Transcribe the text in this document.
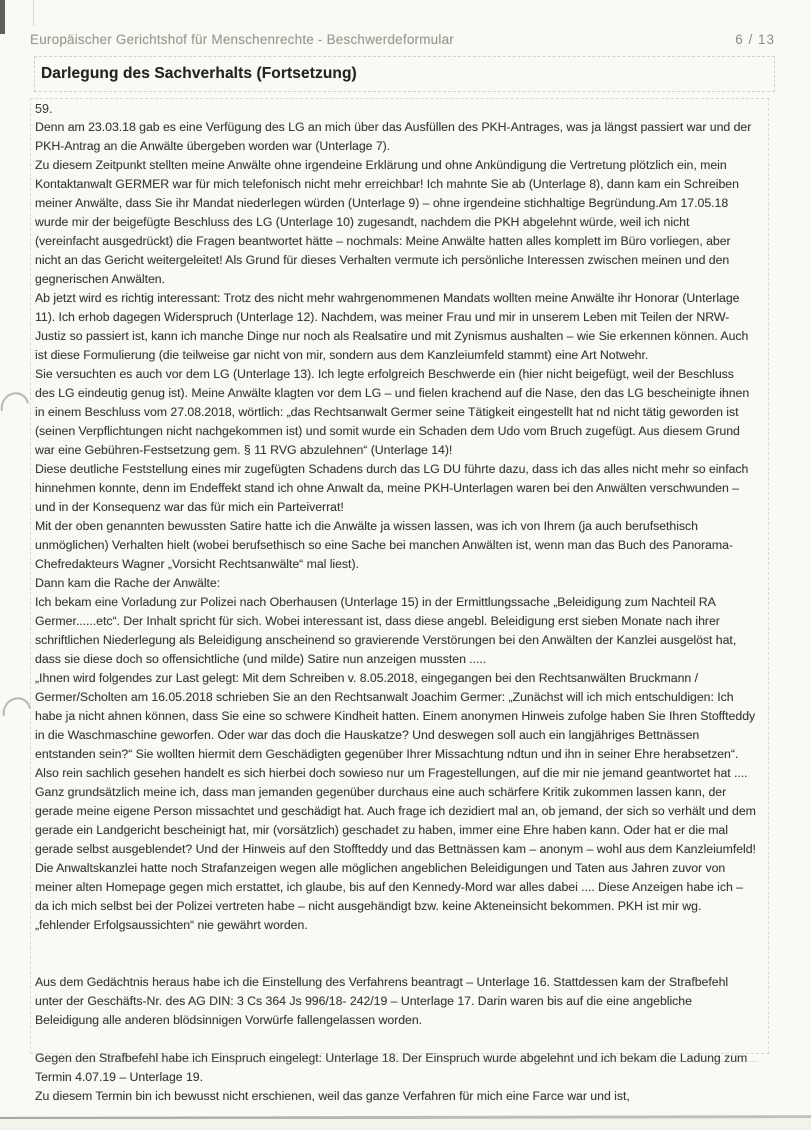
Europäischer Gerichtshof für Menschenrechte - Beschwerdeformular	6 / 13
Darlegung des Sachverhalts (Fortsetzung)

59.

Denn am 23.03.18 gab es eine Verfügung des LG an mich über das Ausfüllen des PKH-Antrages, was ja längst passiert war und der PKH-Antrag an die Anwälte übergeben worden war (Unterlage 7).

Zu diesem Zeitpunkt stellten meine Anwälte ohne irgendeine Erklärung und ohne Ankündigung die Vertretung plötzlich ein, mein Kontaktanwalt GERMER war für mich telefonisch nicht mehr erreichbar! Ich mahnte Sie ab (Unterlage 8), dann kam ein Schreiben meiner Anwälte, dass Sie ihr Mandat niederlegen würden (Unterlage 9) – ohne irgendeine stichhaltige Begründung.Am 17.05.18 wurde mir der beigefügte Beschluss des LG (Unterlage 10) zugesandt, nachdem die PKH abgelehnt würde, weil ich nicht (vereinfacht ausgedrückt) die Fragen beantwortet hätte – nochmals: Meine Anwälte hatten alles komplett im Büro vorliegen, aber nicht an das Gericht weitergeleitet! Als Grund für dieses Verhalten vermute ich persönliche Interessen zwischen meinen und den gegnerischen Anwälten.

Ab jetzt wird es richtig interessant: Trotz des nicht mehr wahrgenommenen Mandats wollten meine Anwälte ihr Honorar (Unterlage 11). Ich erhob dagegen Widerspruch (Unterlage 12). Nachdem, was meiner Frau und mir in unserem Leben mit Teilen der NRW-Justiz so passiert ist, kann ich manche Dinge nur noch als Realsatire und mit Zynismus aushalten – wie Sie erkennen können. Auch ist diese Formulierung (die teilweise gar nicht von mir, sondern aus dem Kanzleiumfeld stammt) eine Art Notwehr.

Sie versuchten es auch vor dem LG (Unterlage 13). Ich legte erfolgreich Beschwerde ein (hier nicht beigefügt, weil der Beschluss des LG eindeutig genug ist). Meine Anwälte klagten vor dem LG – und fielen krachend auf die Nase, den das LG bescheinigte ihnen in einem Beschluss vom 27.08.2018, wörtlich: „das Rechtsanwalt Germer seine Tätigkeit eingestellt hat nd nicht tätig geworden ist (seinen Verpflichtungen nicht nachgekommen ist) und somit wurde ein Schaden dem Udo vom Bruch zugefügt. Aus diesem Grund war eine Gebühren-Festsetzung gem. § 11 RVG abzulehnen“ (Unterlage 14)!

Diese deutliche Feststellung eines mir zugefügten Schadens durch das LG DU führte dazu, dass ich das alles nicht mehr so einfach hinnehmen konnte, denn im Endeffekt stand ich ohne Anwalt da, meine PKH-Unterlagen waren bei den Anwälten verschwunden – und in der Konsequenz war das für mich ein Parteiverrat!

Mit der oben genannten bewussten Satire hatte ich die Anwälte ja wissen lassen, was ich von Ihrem (ja auch berufsethisch unmöglichen) Verhalten hielt (wobei berufsethisch so eine Sache bei manchen Anwälten ist, wenn man das Buch des Panorama-Chefredakteurs Wagner „Vorsicht Rechtsanwälte“ mal liest).

Dann kam die Rache der Anwälte:

Ich bekam eine Vorladung zur Polizei nach Oberhausen (Unterlage 15) in der Ermittlungssache „Beleidigung zum Nachteil RA Germer......etc“. Der Inhalt spricht für sich. Wobei interessant ist, dass diese angebl. Beleidigung erst sieben Monate nach ihrer schriftlichen Niederlegung als Beleidigung anscheinend so gravierende Verstörungen bei den Anwälten der Kanzlei ausgelöst hat, dass sie diese doch so offensichtliche (und milde) Satire nun anzeigen mussten .....

„Ihnen wird folgendes zur Last gelegt: Mit dem Schreiben v. 8.05.2018, eingegangen bei den Rechtsanwälten Bruckmann / Germer/Scholten am 16.05.2018 schrieben Sie an den Rechtsanwalt Joachim Germer: „Zunächst will ich mich entschuldigen: Ich habe ja nicht ahnen können, dass Sie eine so schwere Kindheit hatten. Einem anonymen Hinweis zufolge haben Sie Ihren Stoffteddy in die Waschmaschine geworfen. Oder war das doch die Hauskatze? Und deswegen soll auch ein langjähriges Bettnässen entstanden sein?“ Sie wollten hiermit dem Geschädigten gegenüber Ihrer Missachtung ndtun und ihn in seiner Ehre herabsetzen“. Also rein sachlich gesehen handelt es sich hierbei doch sowieso nur um Fragestellungen, auf die mir nie jemand geantwortet hat ....

Ganz grundsätzlich meine ich, dass man jemanden gegenüber durchaus eine auch schärfere Kritik zukommen lassen kann, der gerade meine eigene Person missachtet und geschädigt hat. Auch frage ich dezidiert mal an, ob jemand, der sich so verhält und dem gerade ein Landgericht bescheinigt hat, mir (vorsätzlich) geschadet zu haben, immer eine Ehre haben kann. Oder hat er die mal gerade selbst ausgeblendet? Und der Hinweis auf den Stoffteddy und das Bettnässen kam – anonym – wohl aus dem Kanzleiumfeld!

Die Anwaltskanzlei hatte noch Strafanzeigen wegen alle möglichen angeblichen Beleidigungen und Taten aus Jahren zuvor von meiner alten Homepage gegen mich erstattet, ich glaube, bis auf den Kennedy-Mord war alles dabei .... Diese Anzeigen habe ich – da ich mich selbst bei der Polizei vertreten habe – nicht ausgehändigt bzw. keine Akteneinsicht bekommen. PKH ist mir wg. „fehlender Erfolgsaussichten“ nie gewährt worden.

Aus dem Gedächtnis heraus habe ich die Einstellung des Verfahrens beantragt – Unterlage 16. Stattdessen kam der Strafbefehl unter der Geschäfts-Nr. des AG DIN: 3 Cs 364 Js 996/18- 242/19 – Unterlage 17. Darin waren bis auf die eine angebliche Beleidigung alle anderen blödsinnigen Vorwürfe fallengelassen worden.

Gegen den Strafbefehl habe ich Einspruch eingelegt: Unterlage 18. Der Einspruch wurde abgelehnt und ich bekam die Ladung zum Termin 4.07.19 – Unterlage 19.

Zu diesem Termin bin ich bewusst nicht erschienen, weil das ganze Verfahren für mich eine Farce war und ist,
